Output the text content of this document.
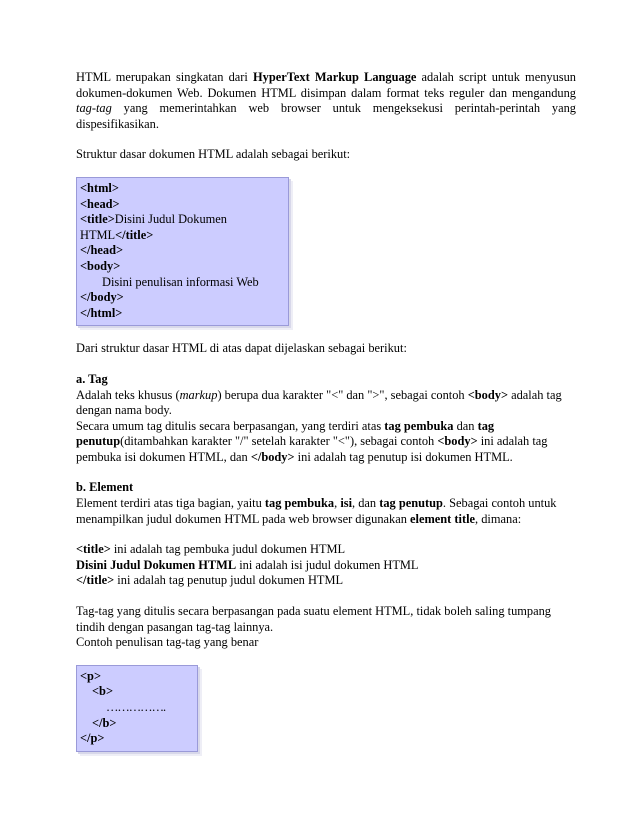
HTML merupakan singkatan dari HyperText Markup Language adalah script untuk menyusun dokumen-dokumen Web. Dokumen HTML disimpan dalam format teks reguler dan mengandung tag-tag yang memerintahkan web browser untuk mengeksekusi perintah-perintah yang dispesifikasikan.

Struktur dasar dokumen HTML adalah sebagai berikut:

<html>

<head>

<title>Disini Judul Dokumen

HTML</title>

</head>

<body>

Disini penulisan informasi Web

</body>

</html>

Dari struktur dasar HTML di atas dapat dijelaskan sebagai berikut:

a. Tag

Adalah teks khusus (markup) berupa dua karakter "<" dan ">", sebagai contoh <body> adalah tag dengan nama body.

Secara umum tag ditulis secara berpasangan, yang terdiri atas tag pembuka dan tag penutup(ditambahkan karakter "/" setelah karakter "<"), sebagai contoh <body> ini adalah tag pembuka isi dokumen HTML, dan </body> ini adalah tag penutup isi dokumen HTML.

b. Element

Element terdiri atas tiga bagian, yaitu tag pembuka, isi, dan tag penutup. Sebagai contoh untuk menampilkan judul dokumen HTML pada web browser digunakan element title, dimana:

<title> ini adalah tag pembuka judul dokumen HTML

Disini Judul Dokumen HTML ini adalah isi judul dokumen HTML

</title> ini adalah tag penutup judul dokumen HTML

Tag-tag yang ditulis secara berpasangan pada suatu element HTML, tidak boleh saling tumpang tindih dengan pasangan tag-tag lainnya.

Contoh penulisan tag-tag yang benar

<p>

<b>

…………….

</b>

</p>
